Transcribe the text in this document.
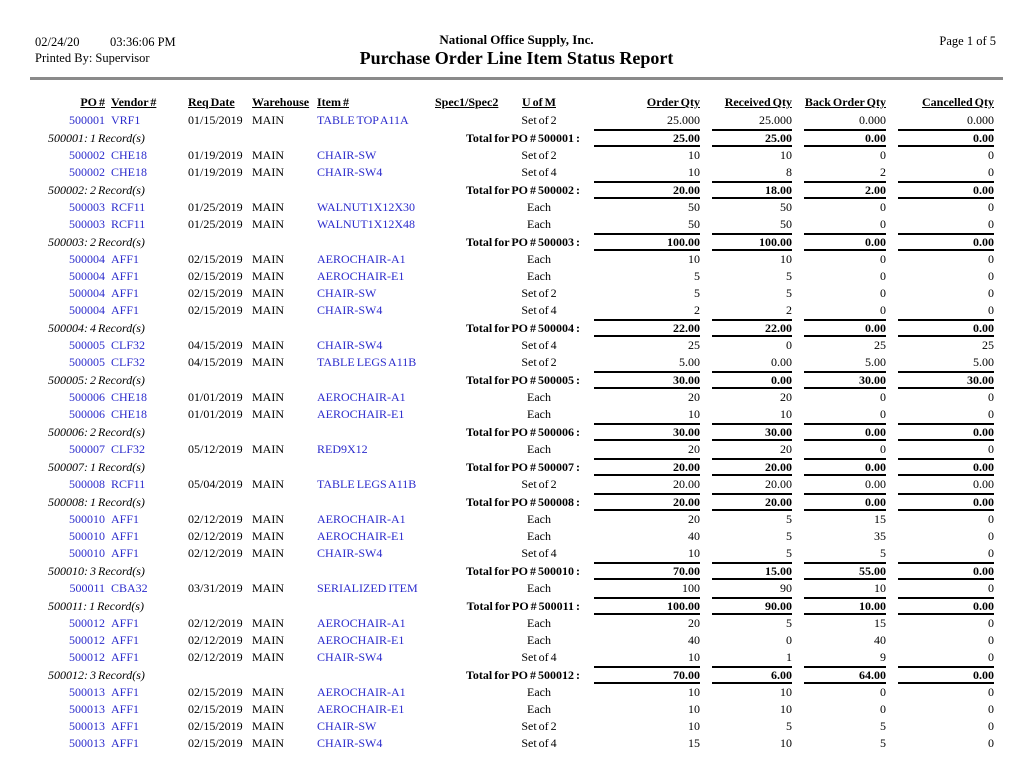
02/24/20 03:36:06 PM
Printed By: Supervisor
National Office Supply, Inc.
Purchase Order Line Item Status Report
Page 1 of 5
PO #	Vendor #	Req Date	Warehouse	Item #	Spec1/Spec2	U of M	Order Qty	Received Qty	Back Order Qty	Cancelled Qty
500001	VRF1	01/15/2019	MAIN	TABLE TOP A11A		Set of 2	25.000	25.000	0.000	0.000
500001: 1 Record(s)					Total for PO # 500001 :		25.00	25.00	0.00	0.00

500002	CHE18	01/19/2019	MAIN	CHAIR-SW		Set of 2	10	10	0	0
500002	CHE18	01/19/2019	MAIN	CHAIR-SW4		Set of 4	10	8	2	0
500002: 2 Record(s)					Total for PO # 500002 :		20.00	18.00	2.00	0.00

500003	RCF11	01/25/2019	MAIN	WALNUT1X12X30		Each	50	50	0	0
500003	RCF11	01/25/2019	MAIN	WALNUT1X12X48		Each	50	50	0	0
500003: 2 Record(s)					Total for PO # 500003 :		100.00	100.00	0.00	0.00

500004	AFF1	02/15/2019	MAIN	AEROCHAIR-A1		Each	10	10	0	0
500004	AFF1	02/15/2019	MAIN	AEROCHAIR-E1		Each	5	5	0	0
500004	AFF1	02/15/2019	MAIN	CHAIR-SW		Set of 2	5	5	0	0
500004	AFF1	02/15/2019	MAIN	CHAIR-SW4		Set of 4	2	2	0	0
500004: 4 Record(s)					Total for PO # 500004 :		22.00	22.00	0.00	0.00

500005	CLF32	04/15/2019	MAIN	CHAIR-SW4		Set of 4	25	0	25	25
500005	CLF32	04/15/2019	MAIN	TABLE LEGS A11B		Set of 2	5.00	0.00	5.00	5.00
500005: 2 Record(s)					Total for PO # 500005 :		30.00	0.00	30.00	30.00

500006	CHE18	01/01/2019	MAIN	AEROCHAIR-A1		Each	20	20	0	0
500006	CHE18	01/01/2019	MAIN	AEROCHAIR-E1		Each	10	10	0	0
500006: 2 Record(s)					Total for PO # 500006 :		30.00	30.00	0.00	0.00

500007	CLF32	05/12/2019	MAIN	RED9X12		Each	20	20	0	0
500007: 1 Record(s)					Total for PO # 500007 :		20.00	20.00	0.00	0.00

500008	RCF11	05/04/2019	MAIN	TABLE LEGS A11B		Set of 2	20.00	20.00	0.00	0.00
500008: 1 Record(s)					Total for PO # 500008 :		20.00	20.00	0.00	0.00

500010	AFF1	02/12/2019	MAIN	AEROCHAIR-A1		Each	20	5	15	0
500010	AFF1	02/12/2019	MAIN	AEROCHAIR-E1		Each	40	5	35	0
500010	AFF1	02/12/2019	MAIN	CHAIR-SW4		Set of 4	10	5	5	0
500010: 3 Record(s)					Total for PO # 500010 :		70.00	15.00	55.00	0.00

500011	CBA32	03/31/2019	MAIN	SERIALIZED ITEM		Each	100	90	10	0
500011: 1 Record(s)					Total for PO # 500011 :		100.00	90.00	10.00	0.00

500012	AFF1	02/12/2019	MAIN	AEROCHAIR-A1		Each	20	5	15	0
500012	AFF1	02/12/2019	MAIN	AEROCHAIR-E1		Each	40	0	40	0
500012	AFF1	02/12/2019	MAIN	CHAIR-SW4		Set of 4	10	1	9	0
500012: 3 Record(s)					Total for PO # 500012 :		70.00	6.00	64.00	0.00

500013	AFF1	02/15/2019	MAIN	AEROCHAIR-A1		Each	10	10	0	0
500013	AFF1	02/15/2019	MAIN	AEROCHAIR-E1		Each	10	10	0	0
500013	AFF1	02/15/2019	MAIN	CHAIR-SW		Set of 2	10	5	5	0
500013	AFF1	02/15/2019	MAIN	CHAIR-SW4		Set of 4	15	10	5	0
